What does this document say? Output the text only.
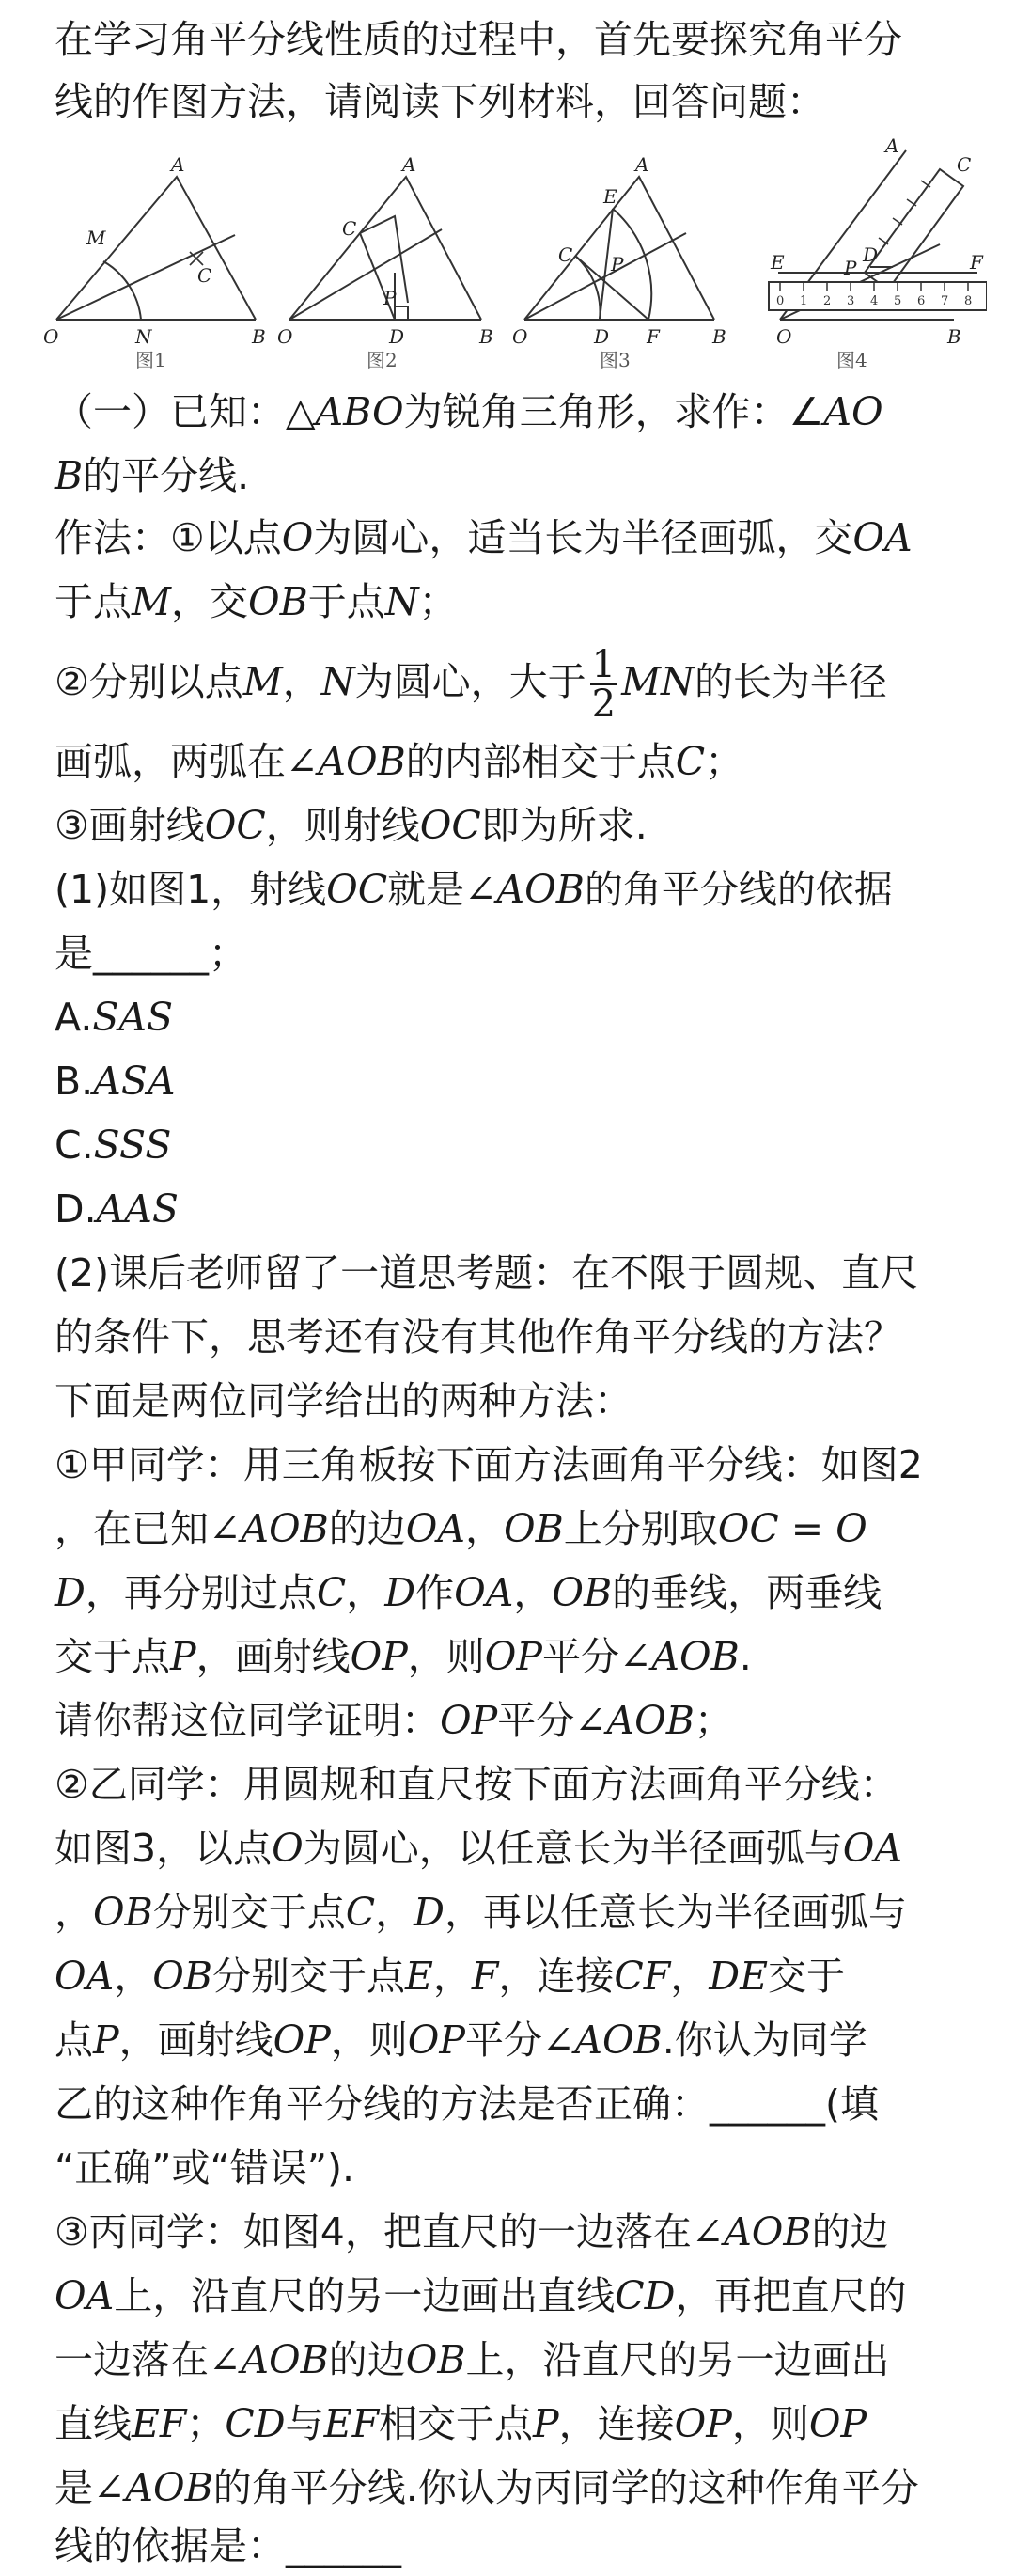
在学习角平分线性质的过程中，首先要探究角平分
线的作图方法，请阅读下列材料，回答问题：
0 1 2 3 4 5 6 7 8
A
M
C
O	N	B
A
C
P
O	D	B
A
E
C P
O	D F	B
A
C
E	D
P	F
O	B
图1	图2	图3	图4
（一）已知：△ABO为锐角三角形，求作：∠AO
B的平分线.
作法：①以点O为圆心，适当长为半径画弧，交OA
于点M，交OB于点N；
②分别以点M，N为圆心，大于 $\frac{1}{2}$ MN的长为半径
画弧，两弧在∠AOB的内部相交于点C；
③画射线OC，则射线OC即为所求.
(1)如图1，射线OC就是∠AOB的角平分线的依据
是______；
A.SAS
B.ASA
C.SSS
D.AAS
(2)课后老师留了一道思考题：在不限于圆规、直尺
的条件下，思考还有没有其他作角平分线的方法？
下面是两位同学给出的两种方法：
①甲同学：用三角板按下面方法画角平分线：如图2
，在已知∠AOB的边OA，OB上分别取OC = O
D，再分别过点C，D作OA，OB的垂线，两垂线
交于点P，画射线OP，则OP平分∠AOB.
请你帮这位同学证明：OP平分∠AOB；
②乙同学：用圆规和直尺按下面方法画角平分线：
如图3，以点O为圆心，以任意长为半径画弧与OA
，OB分别交于点C，D，再以任意长为半径画弧与
OA，OB分别交于点E，F，连接CF，DE交于
点P，画射线OP，则OP平分∠AOB.你认为同学
乙的这种作角平分线的方法是否正确：______(填
“正确”或“错误”).
③丙同学：如图4，把直尺的一边落在∠AOB的边
OA上，沿直尺的另一边画出直线CD，再把直尺的
一边落在∠AOB的边OB上，沿直尺的另一边画出
直线EF；CD与EF相交于点P，连接OP，则OP
是∠AOB的角平分线.你认为丙同学的这种作角平分
线的依据是：______
